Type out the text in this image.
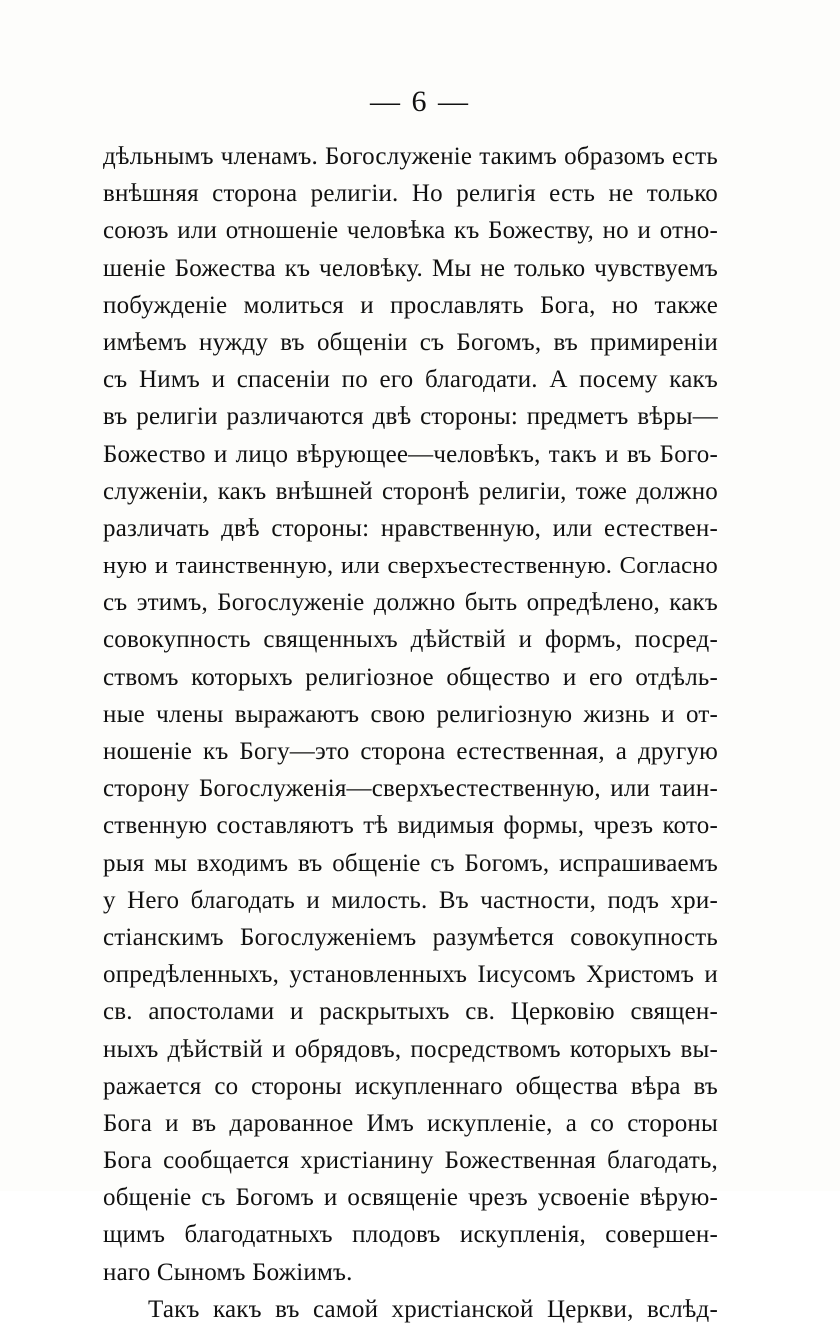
— 6 —
дѣльнымъ членамъ. Богослуженіе такимъ образомъ есть
внѣшняя сторона религіи. Но религія есть не только
союзъ или отношеніе человѣка къ Божеству, но и отно-
шеніе Божества къ человѣку. Мы не только чувствуемъ
побужденіе молиться и прославлять Бога, но также
имѣемъ нужду въ общеніи съ Богомъ, въ примиреніи
съ Нимъ и спасеніи по его благодати. А посему какъ
въ религіи различаются двѣ стороны: предметъ вѣры—
Божество и лицо вѣрующее—человѣкъ, такъ и въ Бого-
служеніи, какъ внѣшней сторонѣ религіи, тоже должно
различать двѣ стороны: нравственную, или естествен-
ную и таинственную, или сверхъестественную. Согласно
съ этимъ, Богослуженіе должно быть опредѣлено, какъ
совокупность священныхъ дѣйствій и формъ, посред-
ствомъ которыхъ религіозное общество и его отдѣль-
ные члены выражаютъ свою религіозную жизнь и от-
ношеніе къ Богу—это сторона естественная, а другую
сторону Богослуженія—сверхъестественную, или таин-
ственную составляютъ тѣ видимыя формы, чрезъ кото-
рыя мы входимъ въ общеніе съ Богомъ, испрашиваемъ
у Него благодать и милость. Въ частности, подъ хри-
стіанскимъ Богослуженіемъ разумѣется совокупность
опредѣленныхъ, установленныхъ Іисусомъ Христомъ и
св. апостолами и раскрытыхъ св. Церковію священ-
ныхъ дѣйствій и обрядовъ, посредствомъ которыхъ вы-
ражается со стороны искупленнаго общества вѣра въ
Бога и въ дарованное Имъ искупленіе, а со стороны
Бога сообщается христіанину Божественная благодать,
общеніе съ Богомъ и освященіе чрезъ усвоеніе вѣрую-
щимъ благодатныхъ плодовъ искупленія, совершен-
наго Сыномъ Божіимъ.
Такъ какъ въ самой христіанской Церкви, вслѣд-
